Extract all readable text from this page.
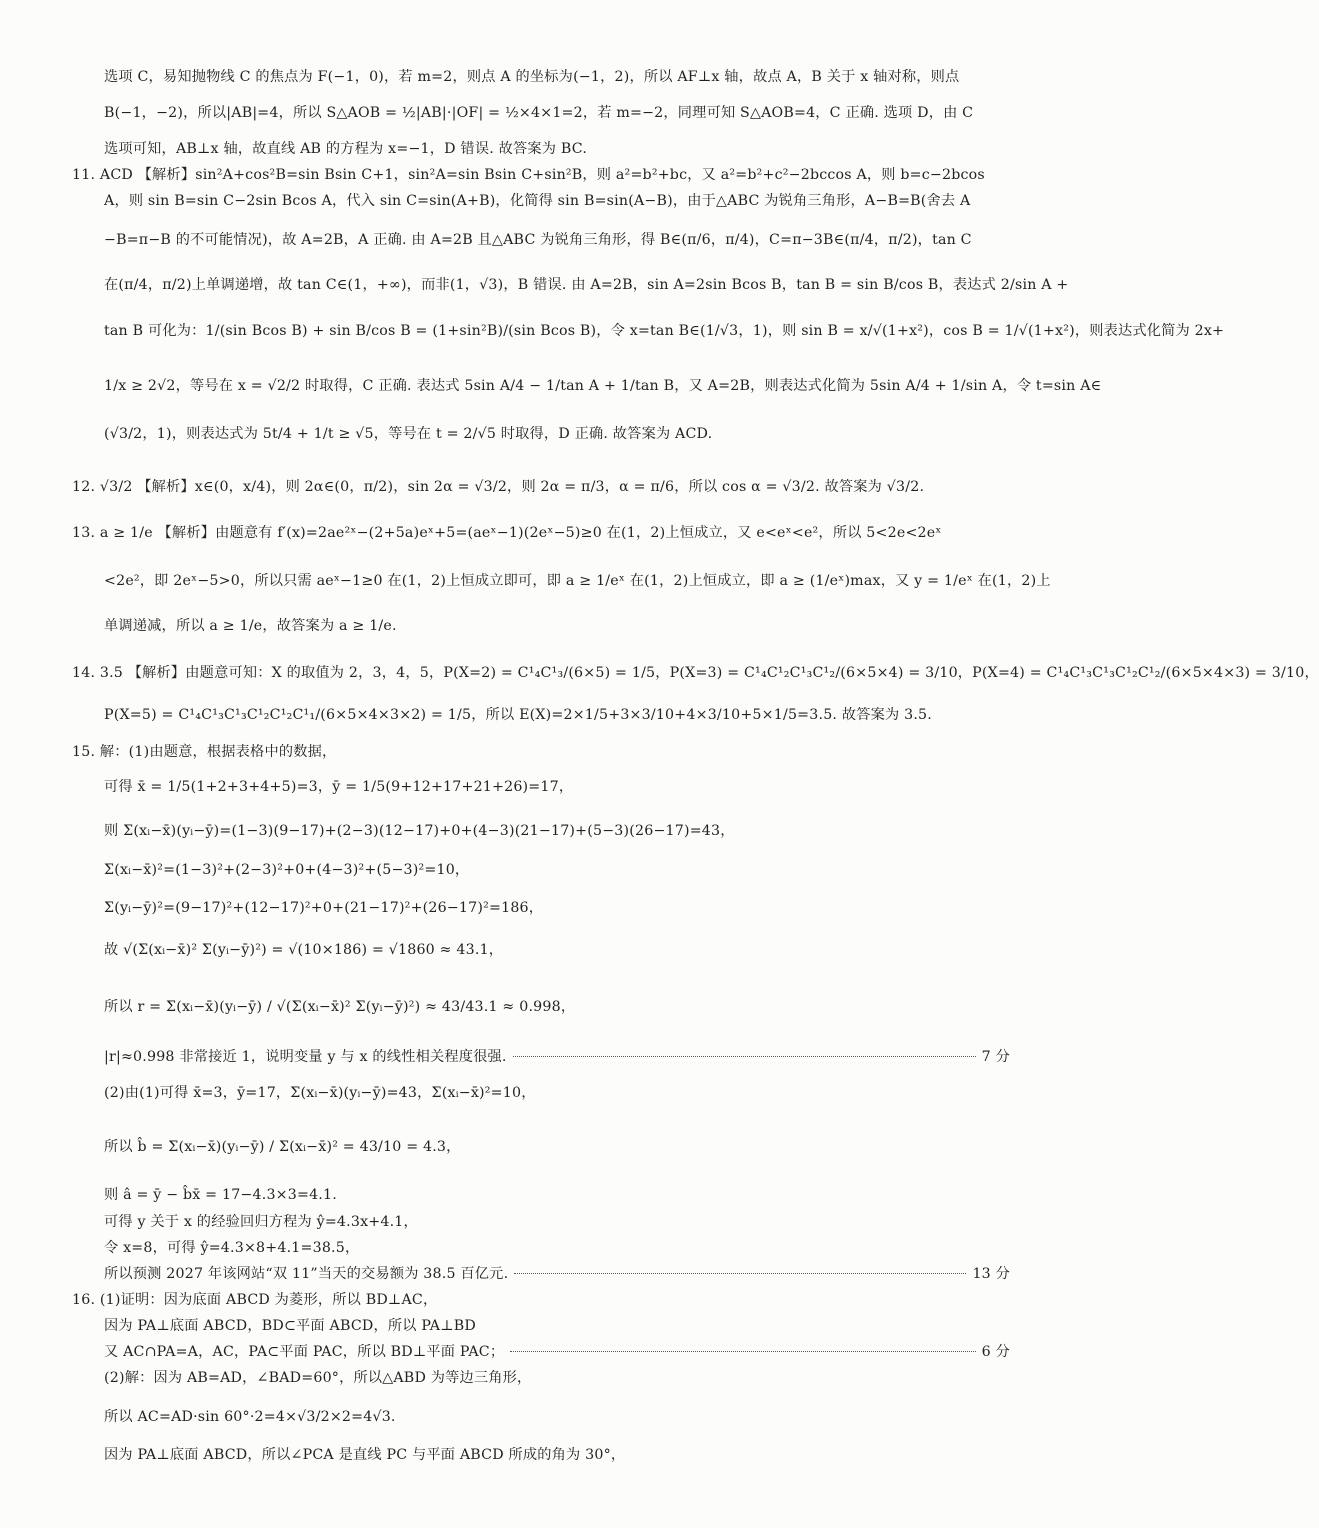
选项 C，易知抛物线 C 的焦点为 F(−1，0)，若 m=2，则点 A 的坐标为(−1，2)，所以 AF⊥x 轴，故点 A，B 关于 x 轴对称，则点
B(−1，−2)，所以|AB|=4，所以 S△AOB = ½|AB|·|OF| = ½×4×1=2，若 m=−2，同理可知 S△AOB=4，C 正确. 选项 D，由 C
选项可知，AB⊥x 轴，故直线 AB 的方程为 x=−1，D 错误. 故答案为 BC.
11. ACD 【解析】sin²A+cos²B=sin Bsin C+1，sin²A=sin Bsin C+sin²B，则 a²=b²+bc，又 a²=b²+c²−2bccos A，则 b=c−2bcos
A，则 sin B=sin C−2sin Bcos A，代入 sin C=sin(A+B)，化简得 sin B=sin(A−B)，由于△ABC 为锐角三角形，A−B=B(舍去 A
−B=π−B 的不可能情况)，故 A=2B，A 正确. 由 A=2B 且△ABC 为锐角三角形，得 B∈(π/6，π/4)，C=π−3B∈(π/4，π/2)，tan C
在(π/4，π/2)上单调递增，故 tan C∈(1，+∞)，而非(1，√3)，B 错误. 由 A=2B，sin A=2sin Bcos B，tan B = sin B/cos B，表达式 2/sin A +
tan B 可化为：1/(sin Bcos B) + sin B/cos B = (1+sin²B)/(sin Bcos B)，令 x=tan B∈(1/√3，1)，则 sin B = x/√(1+x²)，cos B = 1/√(1+x²)，则表达式化简为 2x+
1/x ≥ 2√2，等号在 x = √2/2 时取得，C 正确. 表达式 5sin A/4 − 1/tan A + 1/tan B，又 A=2B，则表达式化简为 5sin A/4 + 1/sin A，令 t=sin A∈
(√3/2，1)，则表达式为 5t/4 + 1/t ≥ √5，等号在 t = 2/√5 时取得，D 正确. 故答案为 ACD.
12. √3/2 【解析】x∈(0，x/4)，则 2α∈(0，π/2)，sin 2α = √3/2，则 2α = π/3，α = π/6，所以 cos α = √3/2. 故答案为 √3/2.
13. a ≥ 1/e 【解析】由题意有 f′(x)=2ae²ˣ−(2+5a)eˣ+5=(aeˣ−1)(2eˣ−5)≥0 在(1，2)上恒成立，又 e<eˣ<e²，所以 5<2e<2eˣ
<2e²，即 2eˣ−5>0，所以只需 aeˣ−1≥0 在(1，2)上恒成立即可，即 a ≥ 1/eˣ 在(1，2)上恒成立，即 a ≥ (1/eˣ)max，又 y = 1/eˣ 在(1，2)上
单调递减，所以 a ≥ 1/e，故答案为 a ≥ 1/e.
14. 3.5 【解析】由题意可知：X 的取值为 2，3，4，5，P(X=2) = C¹₄C¹₃/(6×5) = 1/5，P(X=3) = C¹₄C¹₂C¹₃C¹₂/(6×5×4) = 3/10，P(X=4) = C¹₄C¹₃C¹₃C¹₂C¹₂/(6×5×4×3) = 3/10，
P(X=5) = C¹₄C¹₃C¹₃C¹₂C¹₂C¹₁/(6×5×4×3×2) = 1/5，所以 E(X)=2×1/5+3×3/10+4×3/10+5×1/5=3.5. 故答案为 3.5.
15. 解：(1)由题意，根据表格中的数据，
可得 x̄ = 1/5(1+2+3+4+5)=3，ȳ = 1/5(9+12+17+21+26)=17，
则 Σ(xᵢ−x̄)(yᵢ−ȳ)=(1−3)(9−17)+(2−3)(12−17)+0+(4−3)(21−17)+(5−3)(26−17)=43，
Σ(xᵢ−x̄)²=(1−3)²+(2−3)²+0+(4−3)²+(5−3)²=10，
Σ(yᵢ−ȳ)²=(9−17)²+(12−17)²+0+(21−17)²+(26−17)²=186，
故 √(Σ(xᵢ−x̄)² Σ(yᵢ−ȳ)²) = √(10×186) = √1860 ≈ 43.1，
所以 r = Σ(xᵢ−x̄)(yᵢ−ȳ) / √(Σ(xᵢ−x̄)² Σ(yᵢ−ȳ)²) ≈ 43/43.1 ≈ 0.998，
|r|≈0.998 非常接近 1，说明变量 y 与 x 的线性相关程度很强.	7 分
(2)由(1)可得 x̄=3，ȳ=17，Σ(xᵢ−x̄)(yᵢ−ȳ)=43，Σ(xᵢ−x̄)²=10，
所以 b̂ = Σ(xᵢ−x̄)(yᵢ−ȳ) / Σ(xᵢ−x̄)² = 43/10 = 4.3，
则 â = ȳ − b̂x̄ = 17−4.3×3=4.1.
可得 y 关于 x 的经验回归方程为 ŷ=4.3x+4.1，
令 x=8，可得 ŷ=4.3×8+4.1=38.5，
所以预测 2027 年该网站“双 11”当天的交易额为 38.5 百亿元.	13 分
16. (1)证明：因为底面 ABCD 为菱形，所以 BD⊥AC，
因为 PA⊥底面 ABCD，BD⊂平面 ABCD，所以 PA⊥BD
又 AC∩PA=A，AC，PA⊂平面 PAC，所以 BD⊥平面 PAC；	6 分
(2)解：因为 AB=AD，∠BAD=60°，所以△ABD 为等边三角形，
所以 AC=AD·sin 60°·2=4×√3/2×2=4√3.
因为 PA⊥底面 ABCD，所以∠PCA 是直线 PC 与平面 ABCD 所成的角为 30°，
